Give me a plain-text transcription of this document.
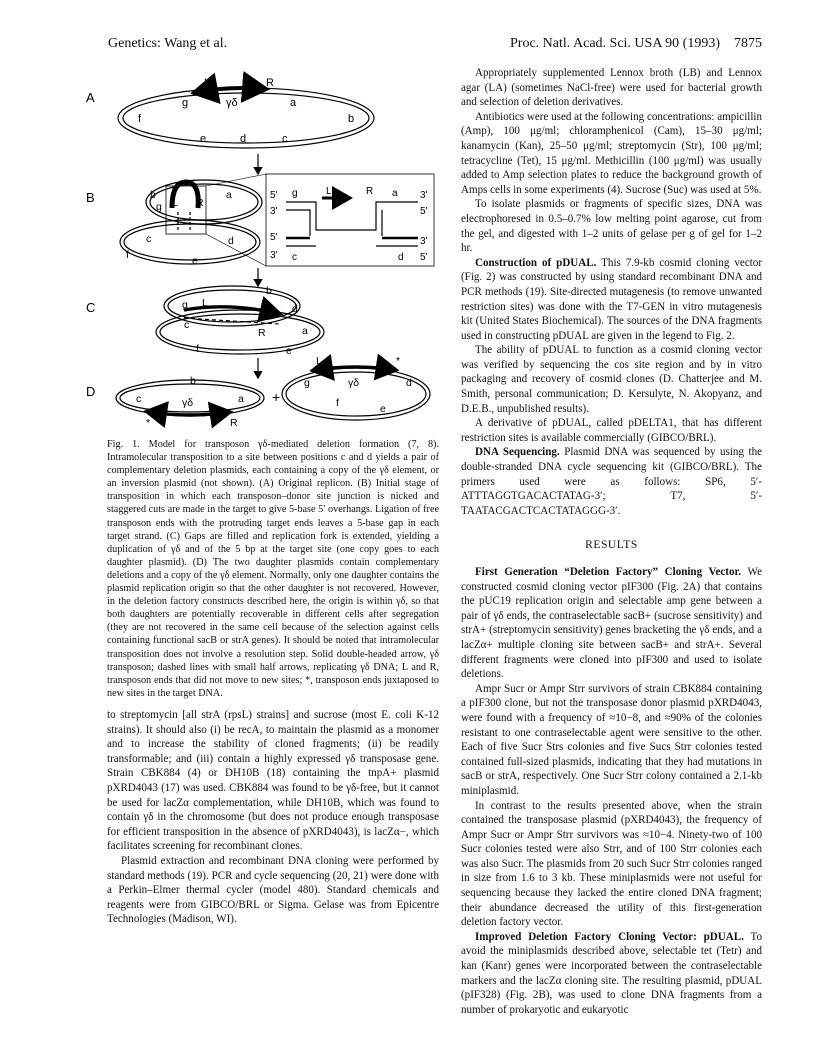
Genetics: Wang et al.	Proc. Natl. Acad. Sci. USA 90 (1993) 7875
A
L	R
g	γδ	a
f	b
e	d	c
B	b
g L R
a
c	d
f	e
5'
3'
g	L	R a 3'
5'
5'
3' c	d
3'
5'
C
b
g L	d
c
R	a
f	e
D
b
c	γδ	a
*	R
+
L	*
g	γδ	d
f	e

Fig. 1. Model for transposon γδ-mediated deletion formation (7, 8). Intramolecular transposition to a site between positions c and d yields a pair of complementary deletion plasmids, each containing a copy of the γδ element, or an inversion plasmid (not shown). (A) Original replicon. (B) Initial stage of transposition in which each transposon–donor site junction is nicked and staggered cuts are made in the target to give 5-base 5′ overhangs. Ligation of free transposon ends with the protruding target ends leaves a 5-base gap in each target strand. (C) Gaps are filled and replication fork is extended, yielding a duplication of γδ and of the 5 bp at the target site (one copy goes to each daughter plasmid). (D) The two daughter plasmids contain complementary deletions and a copy of the γδ element. Normally, only one daughter contains the plasmid replication origin so that the other daughter is not recovered. However, in the deletion factory constructs described here, the origin is within γδ, so that both daughters are potentially recoverable in different cells after segregation (they are not recovered in the same cell because of the selection against cells containing functional sacB or strA genes). It should be noted that intramolecular transposition does not involve a resolution step. Solid double-headed arrow, γδ transposon; dashed lines with small half arrows, replicating γδ DNA; L and R, transposon ends that did not move to new sites; *, transposon ends juxtaposed to new sites in the target DNA.

to streptomycin [all strA (rpsL) strains] and sucrose (most E. coli K-12 strains). It should also (i) be recA, to maintain the plasmid as a monomer and to increase the stability of cloned fragments; (ii) be readily transformable; and (iii) contain a highly expressed γδ transposase gene. Strain CBK884 (4) or DH10B (18) containing the tnpA+ plasmid pXRD4043 (17) was used. CBK884 was found to be γδ-free, but it cannot be used for lacZα complementation, while DH10B, which was found to contain γδ in the chromosome (but does not produce enough transposase for efficient transposition in the absence of pXRD4043), is lacZα−, which facilitates screening for recombinant clones.

Plasmid extraction and recombinant DNA cloning were performed by standard methods (19). PCR and cycle sequencing (20, 21) were done with a Perkin–Elmer thermal cycler (model 480). Standard chemicals and reagents were from GIBCO/BRL or Sigma. Gelase was from Epicentre Technologies (Madison, WI).

Appropriately supplemented Lennox broth (LB) and Lennox agar (LA) (sometimes NaCl-free) were used for bacterial growth and selection of deletion derivatives.

Antibiotics were used at the following concentrations: ampicillin (Amp), 100 μg/ml; chloramphenicol (Cam), 15–30 μg/ml; kanamycin (Kan), 25–50 μg/ml; streptomycin (Str), 100 μg/ml; tetracycline (Tet), 15 μg/ml. Methicillin (100 μg/ml) was usually added to Amp selection plates to reduce the background growth of Amps cells in some experiments (4). Sucrose (Suc) was used at 5%.

To isolate plasmids or fragments of specific sizes, DNA was electrophoresed in 0.5–0.7% low melting point agarose, cut from the gel, and digested with 1–2 units of gelase per g of gel for 1–2 hr.

Construction of pDUAL. This 7.9-kb cosmid cloning vector (Fig. 2) was constructed by using standard recombinant DNA and PCR methods (19). Site-directed mutagenesis (to remove unwanted restriction sites) was done with the T7-GEN in vitro mutagenesis kit (United States Biochemical). The sources of the DNA fragments used in constructing pDUAL are given in the legend to Fig. 2.

The ability of pDUAL to function as a cosmid cloning vector was verified by sequencing the cos site region and by in vitro packaging and recovery of cosmid clones (D. Chatterjee and M. Smith, personal communication; D. Kersulyte, N. Akopyanz, and D.E.B., unpublished results).

A derivative of pDUAL, called pDELTA1, that has different restriction sites is available commercially (GIBCO/BRL).

DNA Sequencing. Plasmid DNA was sequenced by using the double-stranded DNA cycle sequencing kit (GIBCO/BRL). The primers used were as follows: SP6, 5′-ATTTAGGTGACACTATAG-3′; T7, 5′-TAATACGACTCACTATAGGG-3′.

RESULTS

First Generation “Deletion Factory” Cloning Vector. We constructed cosmid cloning vector pIF300 (Fig. 2A) that contains the pUC19 replication origin and selectable amp gene between a pair of γδ ends, the contraselectable sacB+ (sucrose sensitivity) and strA+ (streptomycin sensitivity) genes bracketing the γδ ends, and a lacZα+ multiple cloning site between sacB+ and strA+. Several different fragments were cloned into pIF300 and used to isolate deletions.

Ampr Sucr or Ampr Strr survivors of strain CBK884 containing a pIF300 clone, but not the transposase donor plasmid pXRD4043, were found with a frequency of ≈10−8, and ≈90% of the colonies resistant to one contraselectable agent were sensitive to the other. Each of five Sucr Strs colonies and five Sucs Strr colonies tested contained full-sized plasmids, indicating that they had mutations in sacB or strA, respectively. One Sucr Strr colony contained a 2.1-kb miniplasmid.

In contrast to the results presented above, when the strain contained the transposase plasmid (pXRD4043), the frequency of Ampr Sucr or Ampr Strr survivors was ≈10−4. Ninety-two of 100 Sucr colonies tested were also Strr, and of 100 Strr colonies each was also Sucr. The plasmids from 20 such Sucr Strr colonies ranged in size from 1.6 to 3 kb. These miniplasmids were not useful for sequencing because they lacked the entire cloned DNA fragment; their abundance decreased the utility of this first-generation deletion factory vector.

Improved Deletion Factory Cloning Vector: pDUAL. To avoid the miniplasmids described above, selectable tet (Tetr) and kan (Kanr) genes were incorporated between the contraselectable markers and the lacZα cloning site. The resulting plasmid, pDUAL (pIF328) (Fig. 2B), was used to clone DNA fragments from a number of prokaryotic and eukaryotic
